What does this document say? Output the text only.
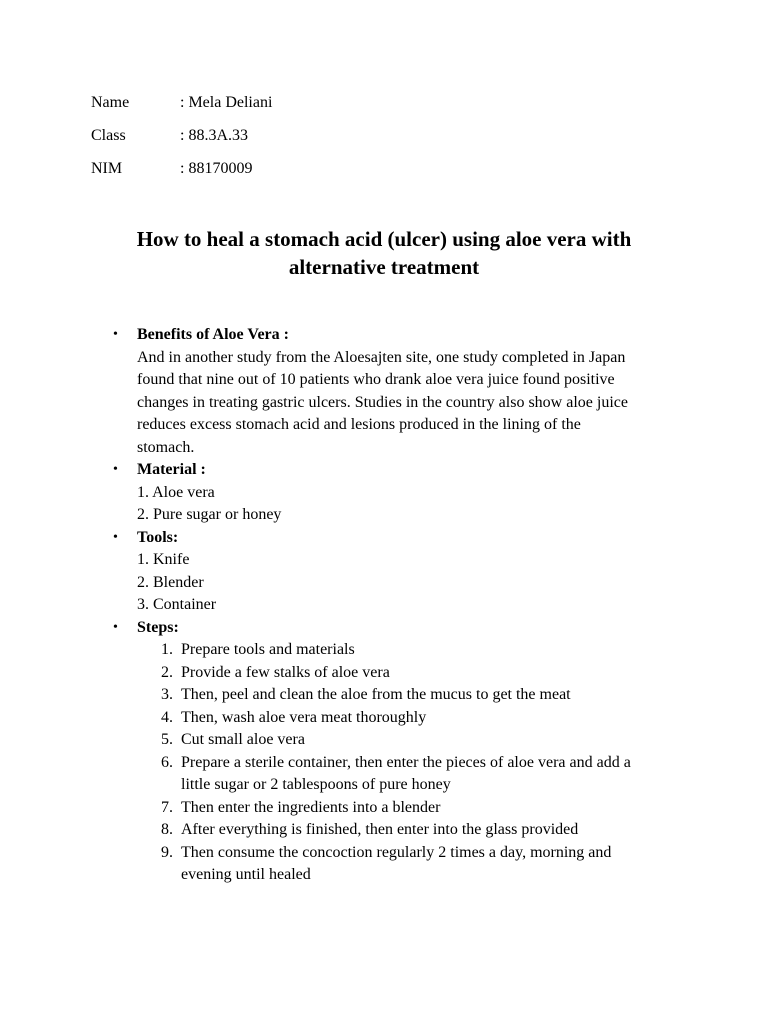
Name	: Mela Deliani
Class	: 88.3A.33
NIM	: 88170009
How to heal a stomach acid (ulcer) using aloe vera with
alternative treatment
•	Benefits of Aloe Vera :
And in another study from the Aloesajten site, one study completed in Japan
found that nine out of 10 patients who drank aloe vera juice found positive
changes in treating gastric ulcers. Studies in the country also show aloe juice
reduces excess stomach acid and lesions produced in the lining of the
stomach.
•	Material :
1. Aloe vera
2. Pure sugar or honey
•	Tools:
1. Knife
2. Blender
3. Container
•	Steps:
1. Prepare tools and materials
2. Provide a few stalks of aloe vera
3. Then, peel and clean the aloe from the mucus to get the meat
4. Then, wash aloe vera meat thoroughly
5. Cut small aloe vera
6. Prepare a sterile container, then enter the pieces of aloe vera and add a
little sugar or 2 tablespoons of pure honey
7. Then enter the ingredients into a blender
8. After everything is finished, then enter into the glass provided
9. Then consume the concoction regularly 2 times a day, morning and
evening until healed
